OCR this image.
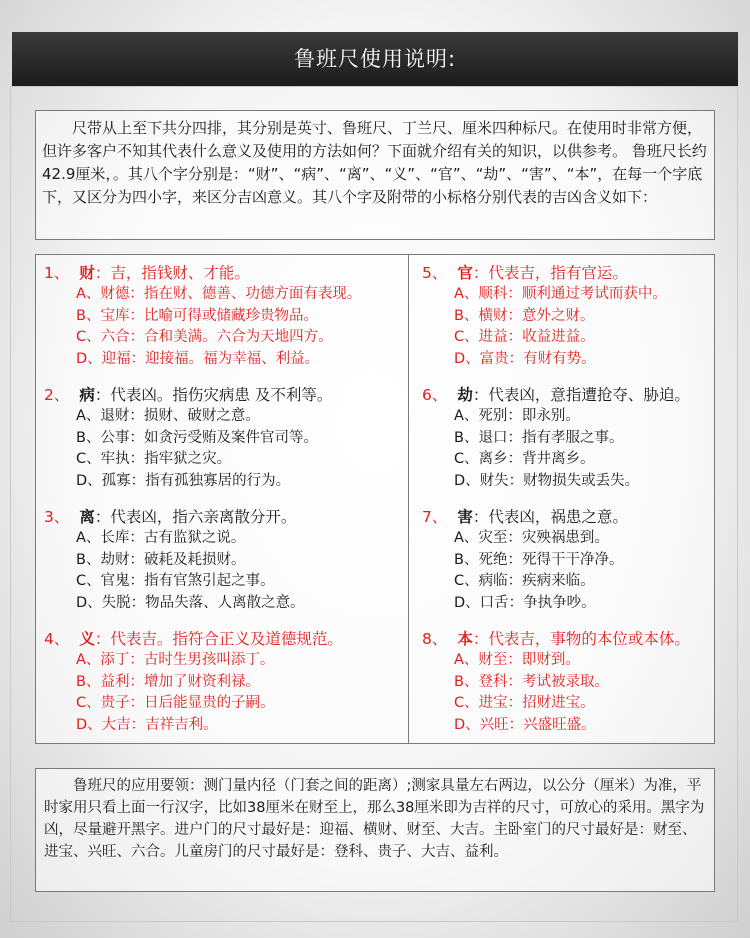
鲁班尺使用说明:

尺带从上至下共分四排，其分别是英寸、鲁班尺、丁兰尺、厘米四种标尺。在使用时非常方便，但许多客户不知其代表什么意义及使用的方法如何？下面就介绍有关的知识，以供参考。 鲁班尺长约42.9厘米，。其八个字分别是：“财”、“病”、“离”、“义”、“官”、“劫”、“害”、“本”，在每一个字底下，又区分为四小字，来区分吉凶意义。其八个字及附带的小标格分别代表的吉凶含义如下：

1、 财：吉，指钱财、才能。
A、财德：指在财、德善、功德方面有表现。
B、宝库：比喻可得或储藏珍贵物品。
C、六合：合和美满。六合为天地四方。
D、迎福：迎接福。福为幸福、利益。
2、 病：代表凶。指伤灾病患 及不利等。
A、退财：损财、破财之意。
B、公事：如贪污受贿及案件官司等。
C、牢执：指牢狱之灾。
D、孤寡：指有孤独寡居的行为。
3、 离：代表凶，指六亲离散分开。
A、长库：古有监狱之说。
B、劫财：破耗及耗损财。
C、官鬼：指有官煞引起之事。
D、失脱：物品失落、人离散之意。
4、 义：代表吉。指符合正义及道德规范。
A、添丁：古时生男孩叫添丁。
B、益利：增加了财资利禄。
C、贵子：日后能显贵的子嗣。
D、大吉：吉祥吉利。
5、 官：代表吉，指有官运。
A、顺科：顺利通过考试而获中。
B、横财：意外之财。
C、进益：收益进益。
D、富贵：有财有势。
6、 劫：代表凶，意指遭抢夺、胁迫。
A、死别：即永别。
B、退口：指有孝服之事。
C、离乡：背井离乡。
D、财失：财物损失或丢失。
7、 害：代表凶，祸患之意。
A、灾至：灾殃祸患到。
B、死绝：死得干干净净。
C、病临：疾病来临。
D、口舌：争执争吵。
8、 本：代表吉，事物的本位或本体。
A、财至：即财到。
B、登科：考试被录取。
C、进宝：招财进宝。
D、兴旺：兴盛旺盛。

鲁班尺的应用要领：测门量内径（门套之间的距离）;测家具量左右两边，以公分（厘米）为准，平时家用只看上面一行汉字，比如38厘米在财至上，那么38厘米即为吉祥的尺寸，可放心的采用。黑字为凶，尽量避开黑字。进户门的尺寸最好是：迎福、横财、财至、大吉。主卧室门的尺寸最好是：财至、进宝、兴旺、六合。儿童房门的尺寸最好是：登科、贵子、大吉、益利。
